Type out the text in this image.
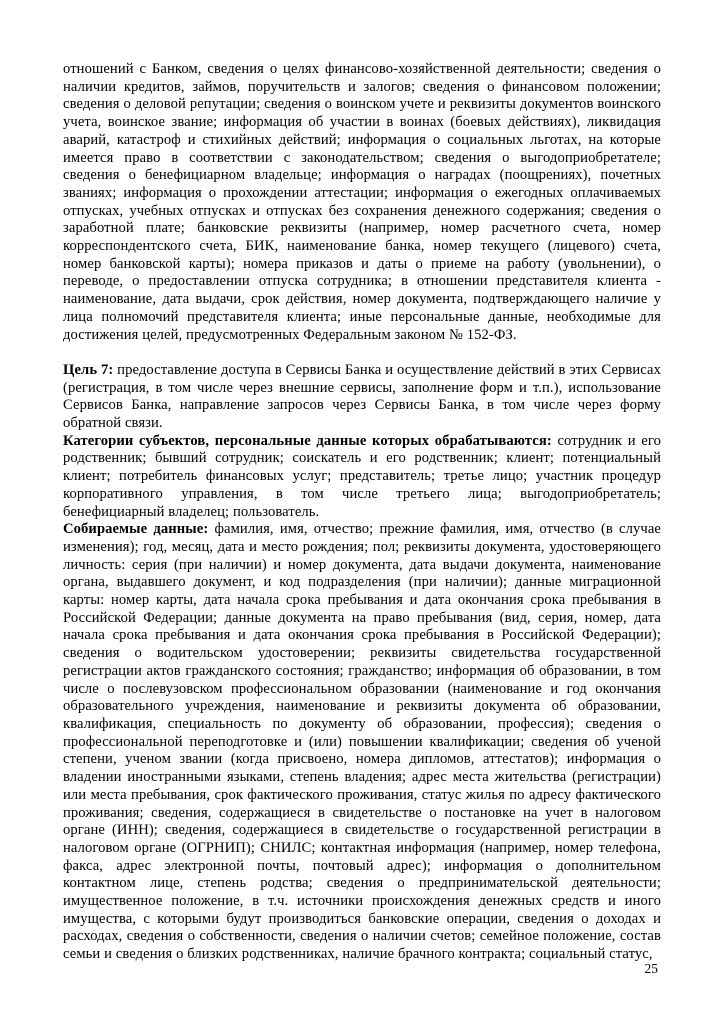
отношений с Банком, сведения о целях финансово-хозяйственной деятельности; сведения о наличии кредитов, займов, поручительств и залогов; сведения о финансовом положении; сведения о деловой репутации; сведения о воинском учете и реквизиты документов воинского учета, воинское звание; информация об участии в воинах (боевых действиях), ликвидация аварий, катастроф и стихийных действий; информация о социальных льготах, на которые имеется право в соответствии с законодательством; сведения о выгодоприобретателе; сведения о бенефициарном владельце; информация о наградах (поощрениях), почетных званиях; информация о прохождении аттестации; информация о ежегодных оплачиваемых отпусках, учебных отпусках и отпусках без сохранения денежного содержания; сведения о заработной плате; банковские реквизиты (например, номер расчетного счета, номер корреспондентского счета, БИК, наименование банка, номер текущего (лицевого) счета, номер банковской карты); номера приказов и даты о приеме на работу (увольнении), о переводе, о предоставлении отпуска сотрудника; в отношении представителя клиента - наименование, дата выдачи, срок действия, номер документа, подтверждающего наличие у лица полномочий представителя клиента; иные персональные данные, необходимые для достижения целей, предусмотренных Федеральным законом № 152-ФЗ.

Цель 7: предоставление доступа в Сервисы Банка и осуществление действий в этих Сервисах (регистрация, в том числе через внешние сервисы, заполнение форм и т.п.), использование Сервисов Банка, направление запросов через Сервисы Банка, в том числе через форму обратной связи.

Категории субъектов, персональные данные которых обрабатываются: сотрудник и его родственник; бывший сотрудник; соискатель и его родственник; клиент; потенциальный клиент; потребитель финансовых услуг; представитель; третье лицо; участник процедур корпоративного управления, в том числе третьего лица; выгодоприобретатель; бенефициарный владелец; пользователь.

Собираемые данные: фамилия, имя, отчество; прежние фамилия, имя, отчество (в случае изменения); год, месяц, дата и место рождения; пол; реквизиты документа, удостоверяющего личность: серия (при наличии) и номер документа, дата выдачи документа, наименование органа, выдавшего документ, и код подразделения (при наличии); данные миграционной карты: номер карты, дата начала срока пребывания и дата окончания срока пребывания в Российской Федерации; данные документа на право пребывания (вид, серия, номер, дата начала срока пребывания и дата окончания срока пребывания в Российской Федерации); сведения о водительском удостоверении; реквизиты свидетельства государственной регистрации актов гражданского состояния; гражданство; информация об образовании, в том числе о послевузовском профессиональном образовании (наименование и год окончания образовательного учреждения, наименование и реквизиты документа об образовании, квалификация, специальность по документу об образовании, профессия); сведения о профессиональной переподготовке и (или) повышении квалификации; сведения об ученой степени, ученом звании (когда присвоено, номера дипломов, аттестатов); информация о владении иностранными языками, степень владения; адрес места жительства (регистрации) или места пребывания, срок фактического проживания, статус жилья по адресу фактического проживания; сведения, содержащиеся в свидетельстве о постановке на учет в налоговом органе (ИНН); сведения, содержащиеся в свидетельстве о государственной регистрации в налоговом органе (ОГРНИП); СНИЛС; контактная информация (например, номер телефона, факса, адрес электронной почты, почтовый адрес); информация о дополнительном контактном лице, степень родства; сведения о предпринимательской деятельности; имущественное положение, в т.ч. источники происхождения денежных средств и иного имущества, с которыми будут производиться банковские операции, сведения о доходах и расходах, сведения о собственности, сведения о наличии счетов; семейное положение, состав семьи и сведения о близких родственниках, наличие брачного контракта; социальный статус,

25
